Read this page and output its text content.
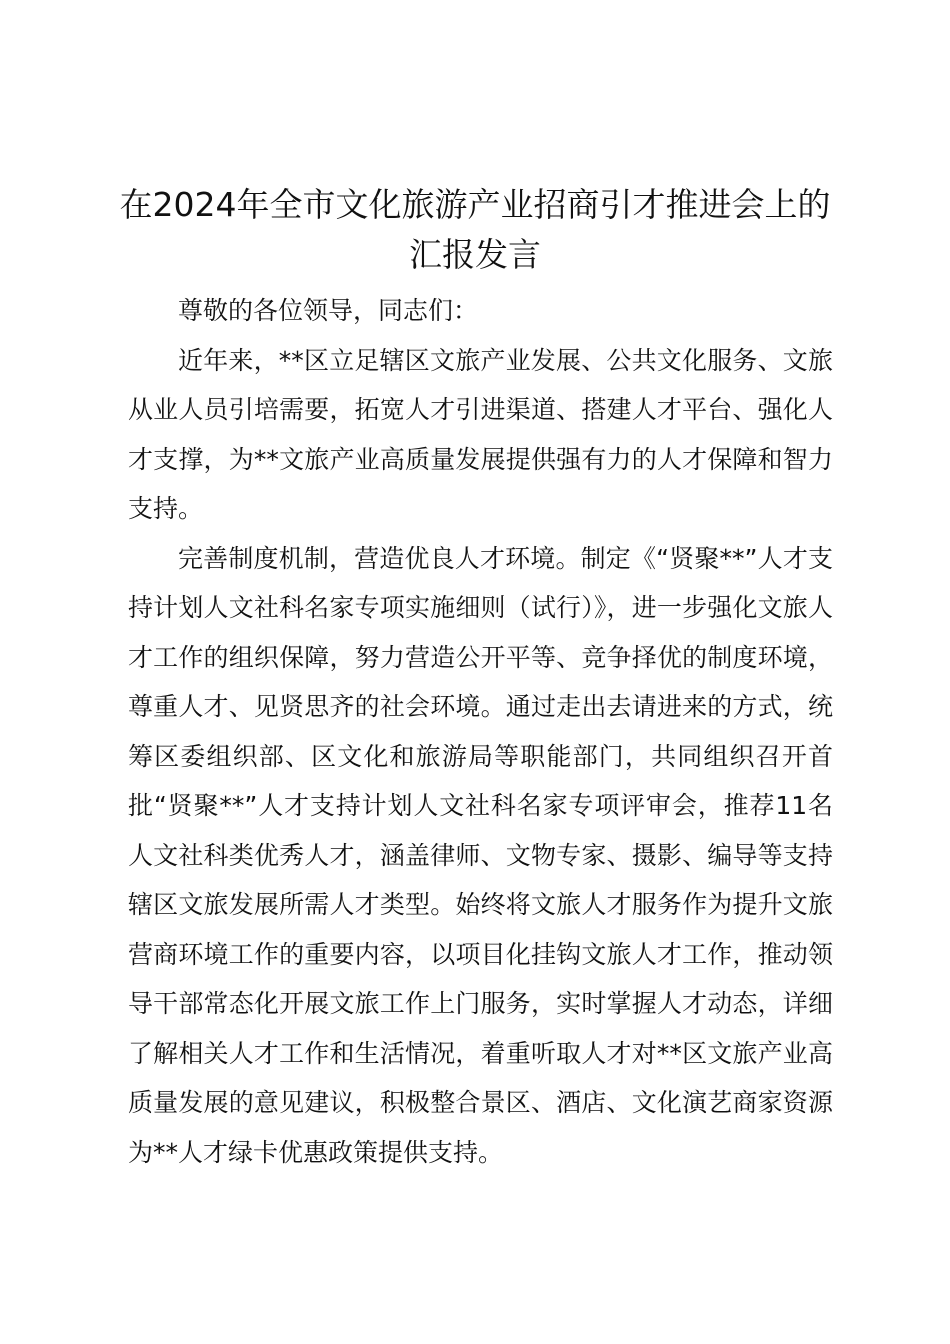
在2024年全市文化旅游产业招商引才推进会上的汇报发言

尊敬的各位领导，同志们：

近年来，**区立足辖区文旅产业发展、公共文化服务、文旅从业人员引培需要，拓宽人才引进渠道、搭建人才平台、强化人才支撑，为**文旅产业高质量发展提供强有力的人才保障和智力支持。

完善制度机制，营造优良人才环境。制定《“贤聚**”人才支持计划人文社科名家专项实施细则（试行）》，进一步强化文旅人才工作的组织保障，努力营造公开平等、竞争择优的制度环境，尊重人才、见贤思齐的社会环境。通过走出去请进来的方式，统筹区委组织部、区文化和旅游局等职能部门，共同组织召开首批“贤聚**”人才支持计划人文社科名家专项评审会，推荐11名人文社科类优秀人才，涵盖律师、文物专家、摄影、编导等支持辖区文旅发展所需人才类型。始终将文旅人才服务作为提升文旅营商环境工作的重要内容，以项目化挂钩文旅人才工作，推动领导干部常态化开展文旅工作上门服务，实时掌握人才动态，详细了解相关人才工作和生活情况，着重听取人才对**区文旅产业高质量发展的意见建议，积极整合景区、酒店、文化演艺商家资源为**人才绿卡优惠政策提供支持。
